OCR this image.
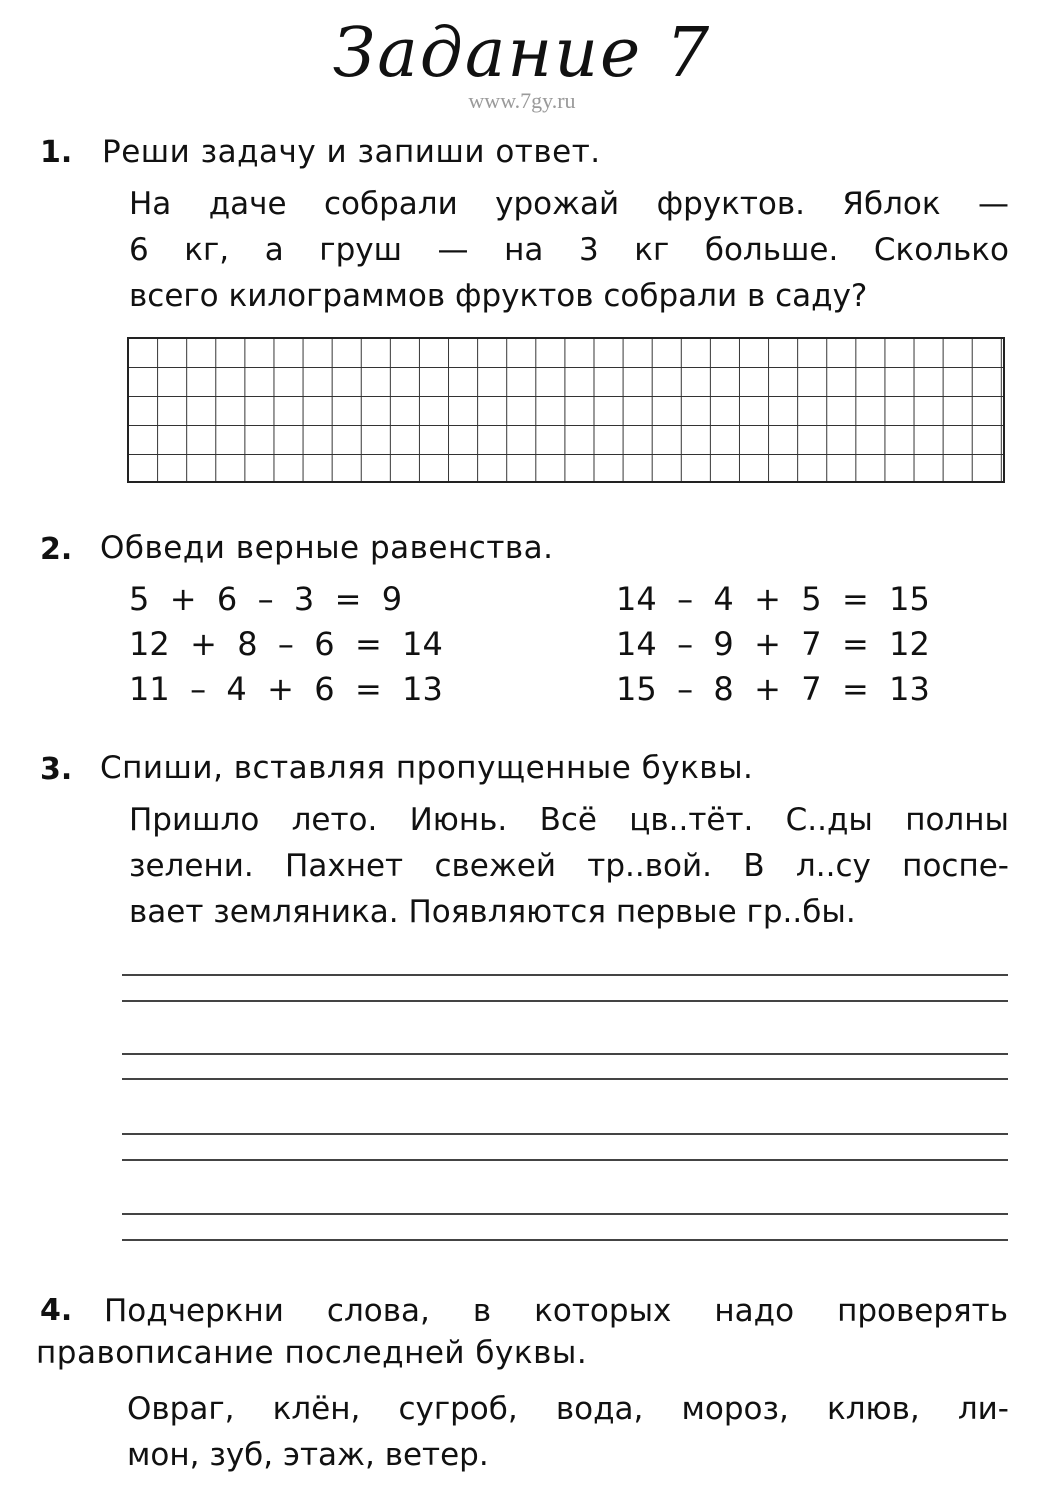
Задание 7
www.7gy.ru
1. Реши задачу и запиши ответ.
На даче собрали урожай фруктов. Яблок —
6 кг, а груш — на 3 кг больше. Сколько
всего килограммов фруктов собрали в саду?
2. Обведи верные равенства.
5  +  6  –  3  =  9
12  +  8  –  6  =  14
11  –  4  +  6  =  13
14  –  4  +  5  =  15
14  –  9  +  7  =  12
15  –  8  +  7  =  13
3. Спиши, вставляя пропущенные буквы.
Пришло лето. Июнь. Всё цв..тёт. С..ды полны
зелени. Пахнет свежей тр..вой. В л..су поспе-
вает земляника. Появляются первые гр..бы.
4. Подчеркни слова, в которых надо проверять
правописание последней буквы.
Овраг, клён, сугроб, вода, мороз, клюв, ли-
мон, зуб, этаж, ветер.
